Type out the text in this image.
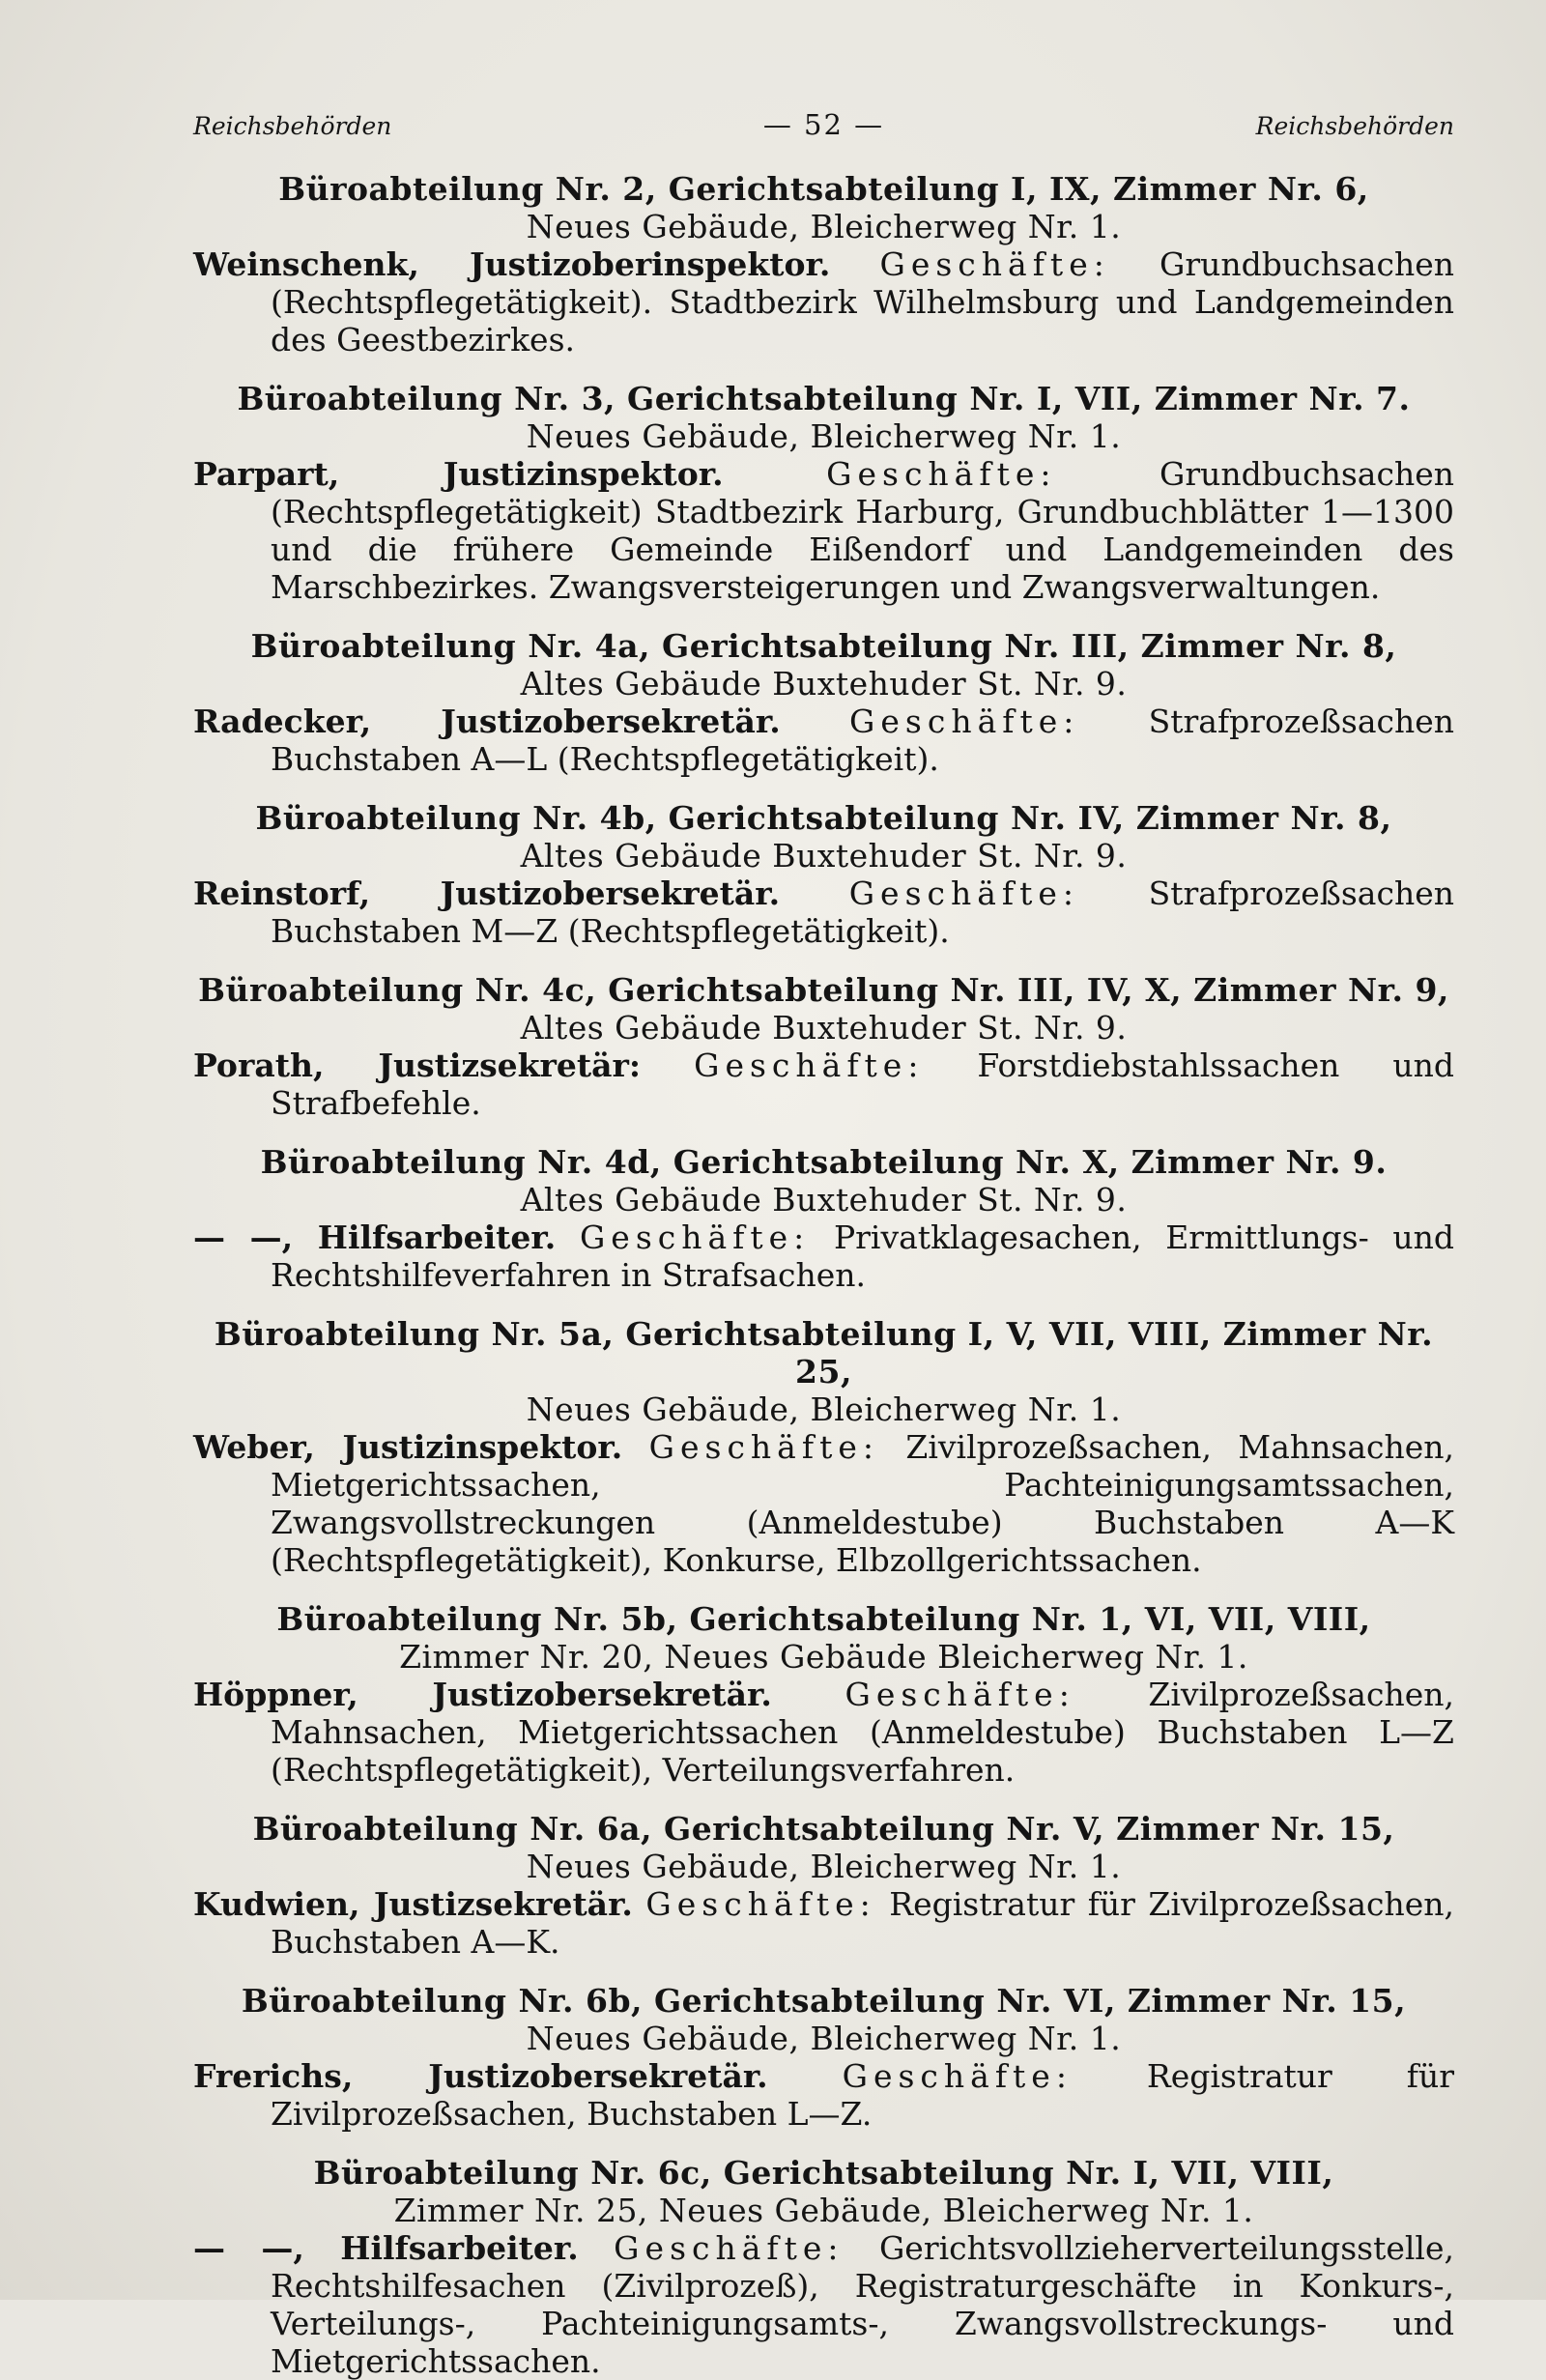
Reichsbehörden	— 52 —	Reichsbehörden
Büroabteilung Nr. 2, Gerichtsabteilung I, IX, Zimmer Nr. 6,
Neues Gebäude, Bleicherweg Nr. 1.
Weinschenk, Justizoberinspektor. Geschäfte: Grundbuchsachen (Rechtspflegetätigkeit). Stadtbezirk Wilhelmsburg und Landgemeinden des Geestbezirkes.
Büroabteilung Nr. 3, Gerichtsabteilung Nr. I, VII, Zimmer Nr. 7.
Neues Gebäude, Bleicherweg Nr. 1.
Parpart, Justizinspektor.	Geschäfte:	Grundbuchsachen (Rechtspflegetätigkeit) Stadtbezirk Harburg, Grundbuchblätter 1—1300 und die frühere Gemeinde Eißendorf und Landgemeinden des Marschbezirkes. Zwangsversteigerungen und Zwangsverwaltungen.
Büroabteilung Nr. 4a, Gerichtsabteilung Nr. III, Zimmer Nr. 8,
Altes Gebäude Buxtehuder St. Nr. 9.
Radecker, Justizobersekretär. Geschäfte: Strafprozeßsachen Buchstaben A—L (Rechtspflegetätigkeit).
Büroabteilung Nr. 4b, Gerichtsabteilung Nr. IV, Zimmer Nr. 8,
Altes Gebäude Buxtehuder St. Nr. 9.
Reinstorf, Justizobersekretär. Geschäfte: Strafprozeßsachen Buchstaben M—Z (Rechtspflegetätigkeit).
Büroabteilung Nr. 4c, Gerichtsabteilung Nr. III, IV, X, Zimmer Nr. 9,
Altes Gebäude Buxtehuder St. Nr. 9.
Porath, Justizsekretär: Geschäfte: Forstdiebstahlssachen und Strafbefehle.
Büroabteilung Nr. 4d, Gerichtsabteilung Nr. X, Zimmer Nr. 9.
Altes Gebäude Buxtehuder St. Nr. 9.
— —, Hilfsarbeiter. Geschäfte: Privatklagesachen, Ermittlungs- und Rechtshilfeverfahren in Strafsachen.
Büroabteilung Nr. 5a, Gerichtsabteilung I, V, VII, VIII, Zimmer Nr. 25,
Neues Gebäude, Bleicherweg Nr. 1.
Weber, Justizinspektor. Geschäfte: Zivilprozeßsachen, Mahnsachen, Mietgerichtssachen, Pachteinigungsamtssachen, Zwangsvollstreckungen (Anmeldestube) Buchstaben A—K (Rechtspflegetätigkeit), Konkurse, Elbzollgerichtssachen.
Büroabteilung Nr. 5b, Gerichtsabteilung Nr. 1, VI, VII, VIII,
Zimmer Nr. 20, Neues Gebäude Bleicherweg Nr. 1.
Höppner, Justizobersekretär. Geschäfte: Zivilprozeßsachen, Mahnsachen, Mietgerichtssachen (Anmeldestube) Buchstaben L—Z (Rechtspflegetätigkeit), Verteilungsverfahren.
Büroabteilung Nr. 6a, Gerichtsabteilung Nr. V, Zimmer Nr. 15,
Neues Gebäude, Bleicherweg Nr. 1.
Kudwien, Justizsekretär. Geschäfte: Registratur für Zivilprozeßsachen, Buchstaben A—K.
Büroabteilung Nr. 6b, Gerichtsabteilung Nr. VI, Zimmer Nr. 15,
Neues Gebäude, Bleicherweg Nr. 1.
Frerichs, Justizobersekretär. Geschäfte: Registratur für Zivilprozeßsachen, Buchstaben L—Z.
Büroabteilung Nr. 6c, Gerichtsabteilung Nr. I, VII, VIII,
Zimmer Nr. 25, Neues Gebäude, Bleicherweg Nr. 1.
— —, Hilfsarbeiter. Geschäfte: Gerichtsvollzieherverteilungsstelle, Rechtshilfesachen (Zivilprozeß), Registraturgeschäfte in Konkurs-, Verteilungs-, Pachteinigungsamts-, Zwangsvollstreckungs- und Mietgerichtssachen.
